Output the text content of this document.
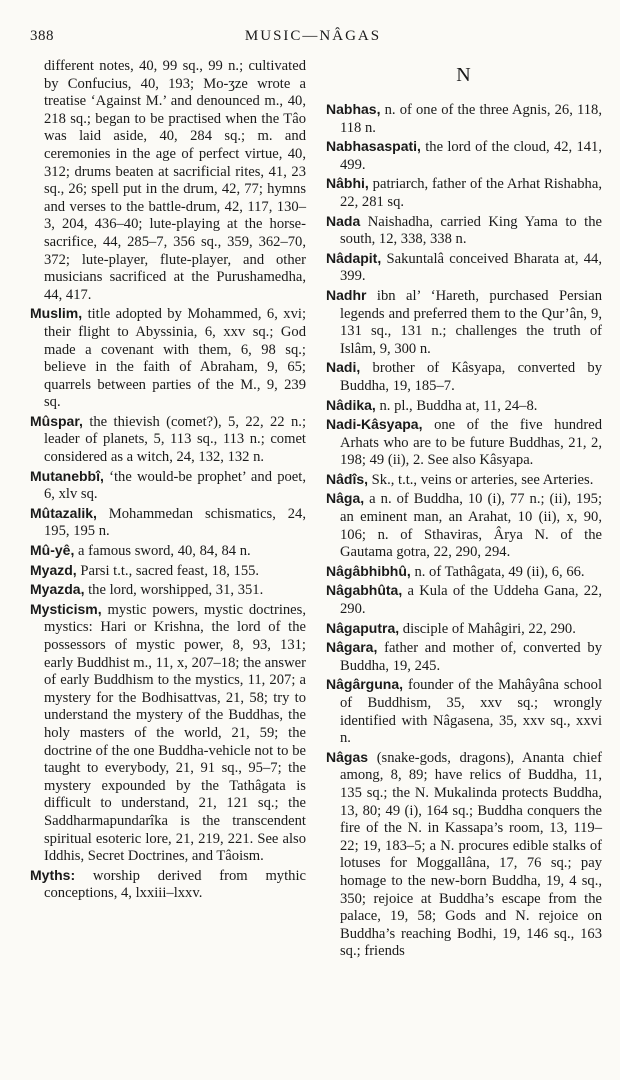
388	MUSIC—NÂGAS

different notes, 40, 99 sq., 99 n.; cultivated by Confucius, 40, 193; Mo-ʒze wrote a treatise ‘Against M.’ and denounced m., 40, 218 sq.; began to be practised when the Tâo was laid aside, 40, 284 sq.; m. and ceremonies in the age of perfect virtue, 40, 312; drums beaten at sacrificial rites, 41, 23 sq., 26; spell put in the drum, 42, 77; hymns and verses to the battle-drum, 42, 117, 130–3, 204, 436–40; lute-playing at the horse-sacrifice, 44, 285–7, 356 sq., 359, 362–70, 372; lute-player, flute-player, and other musicians sacrificed at the Purushamedha, 44, 417.

Muslim, title adopted by Mohammed, 6, xvi; their flight to Abyssinia, 6, xxv sq.; God made a covenant with them, 6, 98 sq.; believe in the faith of Abraham, 9, 65; quarrels between parties of the M., 9, 239 sq.

Mûspar, the thievish (comet?), 5, 22, 22 n.; leader of planets, 5, 113 sq., 113 n.; comet considered as a witch, 24, 132, 132 n.

Mutanebbî, ‘the would-be prophet’ and poet, 6, xlv sq.

Mûtazalik, Mohammedan schismatics, 24, 195, 195 n.

Mû-yê, a famous sword, 40, 84, 84 n.

Myazd, Parsi t.t., sacred feast, 18, 155.

Myazda, the lord, worshipped, 31, 351.

Mysticism, mystic powers, mystic doctrines, mystics: Hari or Krishna, the lord of the possessors of mystic power, 8, 93, 131; early Buddhist m., 11, x, 207–18; the answer of early Buddhism to the mystics, 11, 207; a mystery for the Bodhisattvas, 21, 58; try to understand the mystery of the Buddhas, the holy masters of the world, 21, 59; the doctrine of the one Buddha-vehicle not to be taught to everybody, 21, 91 sq., 95–7; the mystery expounded by the Tathâgata is difficult to understand, 21, 121 sq.; the Saddharmapundarîka is the transcendent spiritual esoteric lore, 21, 219, 221. See also Iddhis, Secret Doctrines, and Tâoism.

Myths: worship derived from mythic conceptions, 4, lxxiii–lxxv.

N

Nabhas, n. of one of the three Agnis, 26, 118, 118 n.

Nabhasaspati, the lord of the cloud, 42, 141, 499.

Nâbhi, patriarch, father of the Arhat Rishabha, 22, 281 sq.

Nada Naishadha, carried King Yama to the south, 12, 338, 338 n.

Nâdapit, Sakuntalâ conceived Bharata at, 44, 399.

Nadhr ibn al’ ‘Hareth, purchased Persian legends and preferred them to the Qur’ân, 9, 131 sq., 131 n.; challenges the truth of Islâm, 9, 300 n.

Nadi, brother of Kâsyapa, converted by Buddha, 19, 185–7.

Nâdika, n. pl., Buddha at, 11, 24–8.

Nadi-Kâsyapa, one of the five hundred Arhats who are to be future Buddhas, 21, 2, 198; 49 (ii), 2. See also Kâsyapa.

Nâdîs, Sk., t.t., veins or arteries, see Arteries.

Nâga, a n. of Buddha, 10 (i), 77 n.; (ii), 195; an eminent man, an Arahat, 10 (ii), x, 90, 106; n. of Sthaviras, Ârya N. of the Gautama gotra, 22, 290, 294.

Nâgâbhibhû, n. of Tathâgata, 49 (ii), 6, 66.

Nâgabhûta, a Kula of the Uddeha Gana, 22, 290.

Nâgaputra, disciple of Mahâgiri, 22, 290.

Nâgara, father and mother of, converted by Buddha, 19, 245.

Nâgârguna, founder of the Mahâyâna school of Buddhism, 35, xxv sq.; wrongly identified with Nâgasena, 35, xxv sq., xxvi n.

Nâgas (snake-gods, dragons), Ananta chief among, 8, 89; have relics of Buddha, 11, 135 sq.; the N. Mukalinda protects Buddha, 13, 80; 49 (i), 164 sq.; Buddha conquers the fire of the N. in Kassapa’s room, 13, 119–22; 19, 183–5; a N. procures edible stalks of lotuses for Moggallâna, 17, 76 sq.; pay homage to the new-born Buddha, 19, 4 sq., 350; rejoice at Buddha’s escape from the palace, 19, 58; Gods and N. rejoice on Buddha’s reaching Bodhi, 19, 146 sq., 163 sq.; friends
